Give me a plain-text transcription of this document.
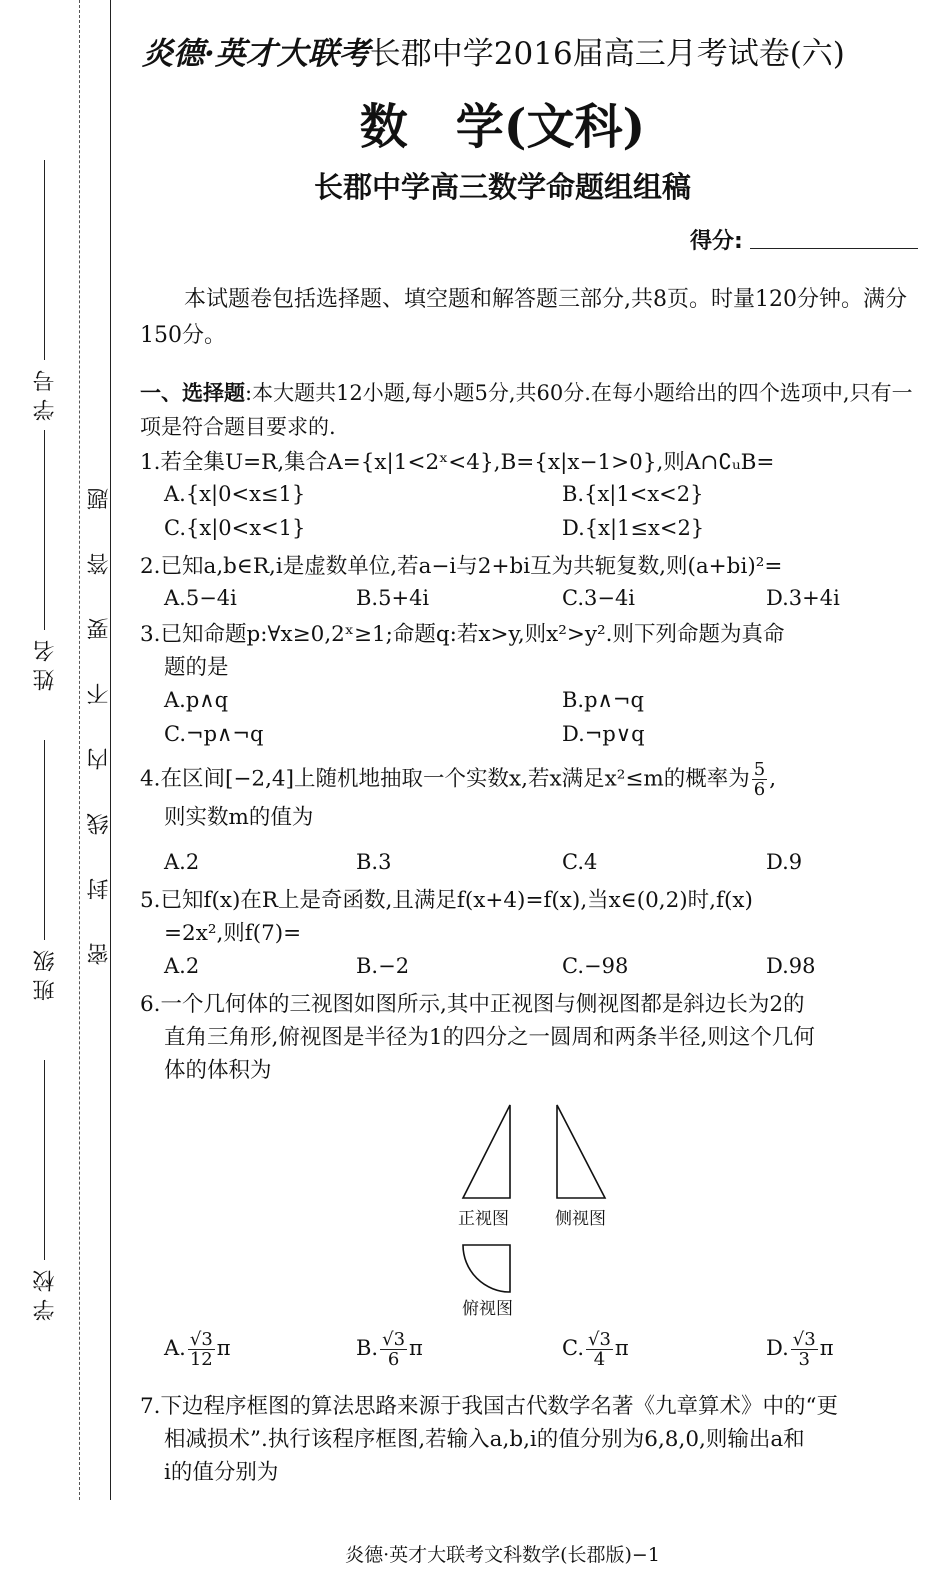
学 号
姓 名
班 级
学 校
密 封 线 内 不 要 答 题
炎德·英才大联考长郡中学2016届高三月考试卷(六)
数　学(文科)
长郡中学高三数学命题组组稿
得分:
本试题卷包括选择题、填空题和解答题三部分,共8页。时量120分钟。满分150分。
一、选择题:本大题共12小题,每小题5分,共60分.在每小题给出的四个选项中,只有一项是符合题目要求的.
1.若全集U=R,集合A={x|1<2ˣ<4},B={x|x−1>0},则A∩∁ᵤB=
A.{x|0<x≤1}	B.{x|1<x<2}
C.{x|0<x<1}	D.{x|1≤x<2}
2.已知a,b∈R,i是虚数单位,若a−i与2+bi互为共轭复数,则(a+bi)²=
A.5−4i	B.5+4i	C.3−4i	D.3+4i
3.已知命题p:∀x≥0,2ˣ≥1;命题q:若x>y,则x²>y².则下列命题为真命
题的是
A.p∧q	B.p∧¬q
C.¬p∧¬q	D.¬p∨q
4.在区间[−2,4]上随机地抽取一个实数x,若x满足x²≤m的概率为 $\frac{5}{6}$ ,
则实数m的值为
A.2	B.3	C.4	D.9
5.已知f(x)在R上是奇函数,且满足f(x+4)=f(x),当x∈(0,2)时,f(x)
=2x²,则f(7)=
A.2	B.−2	C.−98	D.98
6.一个几何体的三视图如图所示,其中正视图与侧视图都是斜边长为2的
直角三角形,俯视图是半径为1的四分之一圆周和两条半径,则这个几何
体的体积为
正视图	侧视图
俯视图
A. $\frac{√3}{12}$ π	B. $\frac{√3}{6}$ π	C. $\frac{√3}{4}$ π	D. $\frac{√3}{3}$ π
7.下边程序框图的算法思路来源于我国古代数学名著《九章算术》中的“更
相减损术”.执行该程序框图,若输入a,b,i的值分别为6,8,0,则输出a和
i的值分别为
炎德·英才大联考文科数学(长郡版)−1
